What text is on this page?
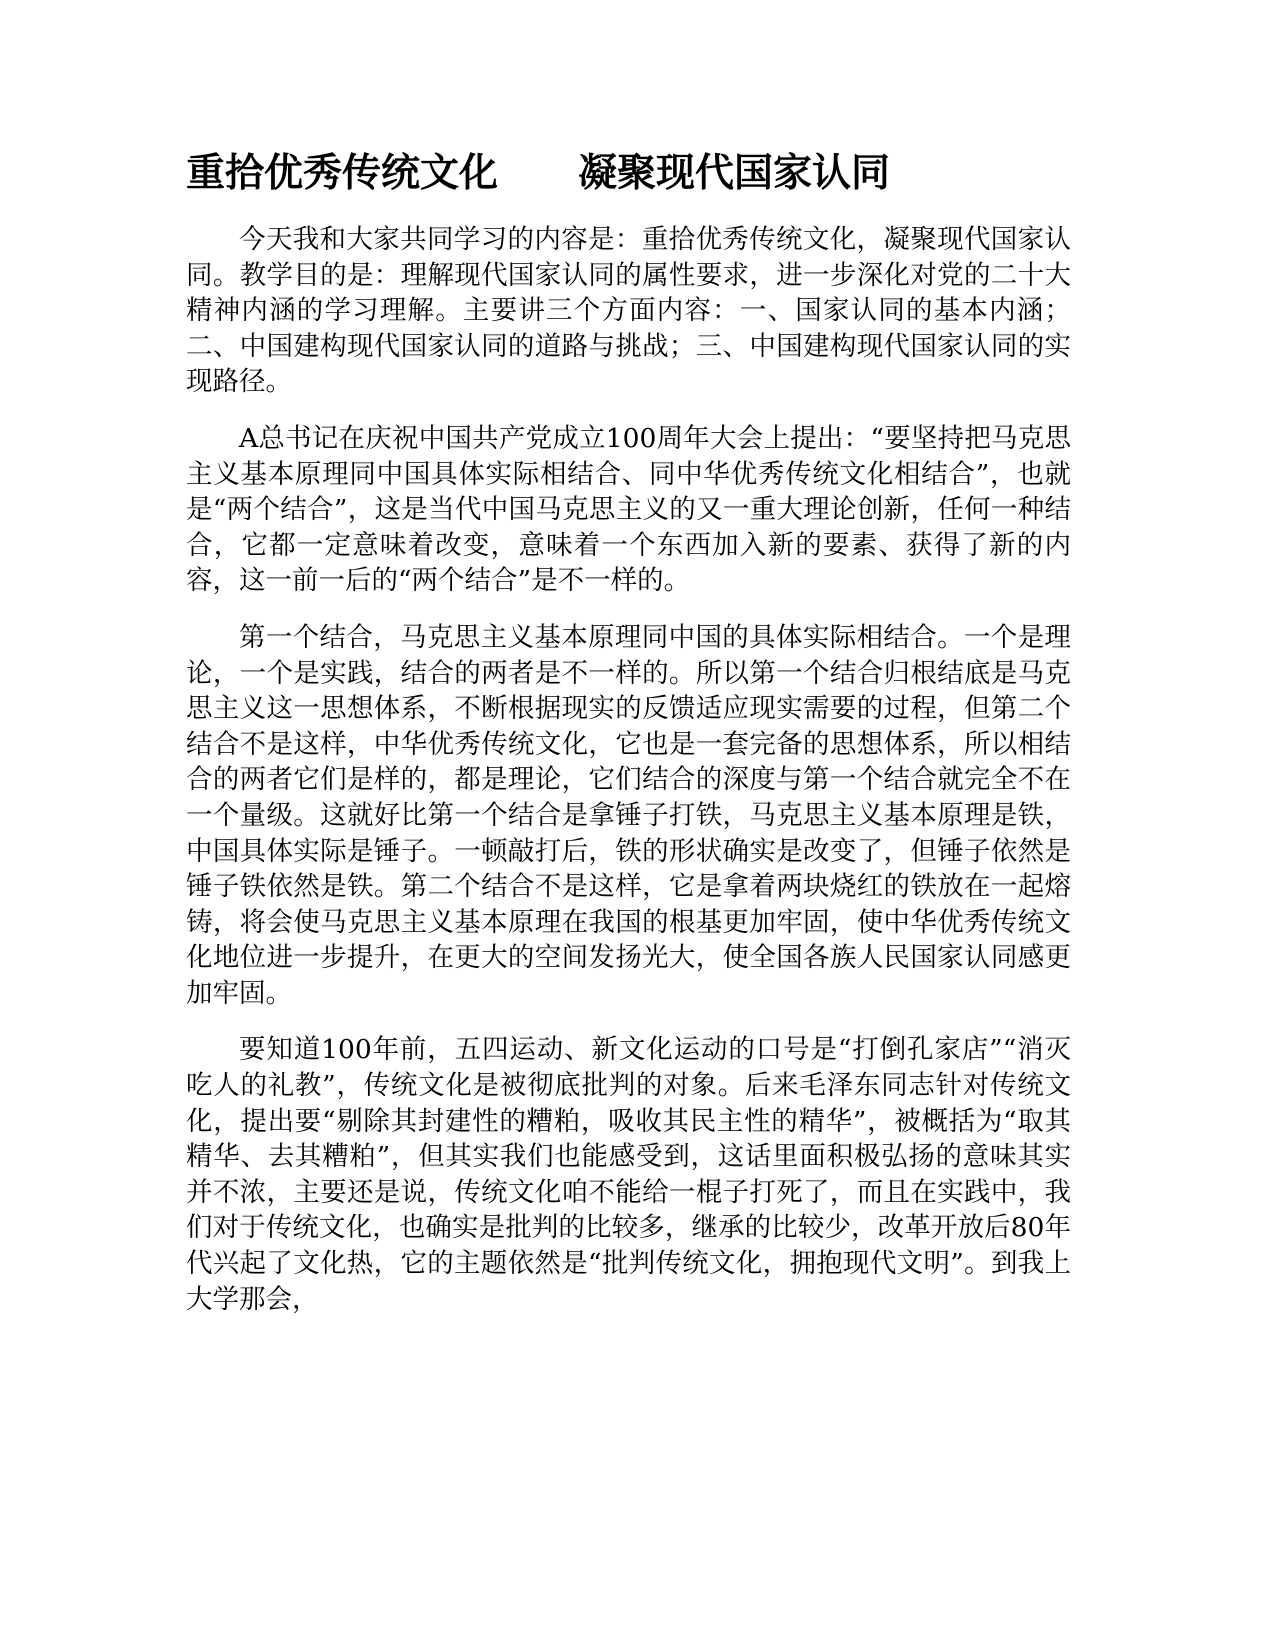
重拾优秀传统文化 凝聚现代国家认同

今天我和大家共同学习的内容是：重拾优秀传统文化，凝聚现代国家认同。教学目的是：理解现代国家认同的属性要求，进一步深化对党的二十大精神内涵的学习理解。主要讲三个方面内容：一、国家认同的基本内涵；二、中国建构现代国家认同的道路与挑战；三、中国建构现代国家认同的实现路径。

A总书记在庆祝中国共产党成立100周年大会上提出：“要坚持把马克思主义基本原理同中国具体实际相结合、同中华优秀传统文化相结合”，也就是“两个结合”，这是当代中国马克思主义的又一重大理论创新，任何一种结合，它都一定意味着改变，意味着一个东西加入新的要素、获得了新的内容，这一前一后的“两个结合”是不一样的。

第一个结合，马克思主义基本原理同中国的具体实际相结合。一个是理论，一个是实践，结合的两者是不一样的。所以第一个结合归根结底是马克思主义这一思想体系，不断根据现实的反馈适应现实需要的过程，但第二个结合不是这样，中华优秀传统文化，它也是一套完备的思想体系，所以相结合的两者它们是样的，都是理论，它们结合的深度与第一个结合就完全不在一个量级。这就好比第一个结合是拿锤子打铁，马克思主义基本原理是铁，中国具体实际是锤子。一顿敲打后，铁的形状确实是改变了，但锤子依然是锤子铁依然是铁。第二个结合不是这样，它是拿着两块烧红的铁放在一起熔铸，将会使马克思主义基本原理在我国的根基更加牢固，使中华优秀传统文化地位进一步提升，在更大的空间发扬光大，使全国各族人民国家认同感更加牢固。

要知道100年前，五四运动、新文化运动的口号是“打倒孔家店”“消灭吃人的礼教”，传统文化是被彻底批判的对象。后来毛泽东同志针对传统文化，提出要“剔除其封建性的糟粕，吸收其民主性的精华”，被概括为“取其精华、去其糟粕”，但其实我们也能感受到，这话里面积极弘扬的意味其实并不浓，主要还是说，传统文化咱不能给一棍子打死了，而且在实践中，我们对于传统文化，也确实是批判的比较多，继承的比较少，改革开放后80年代兴起了文化热，它的主题依然是“批判传统文化，拥抱现代文明”。到我上大学那会，
